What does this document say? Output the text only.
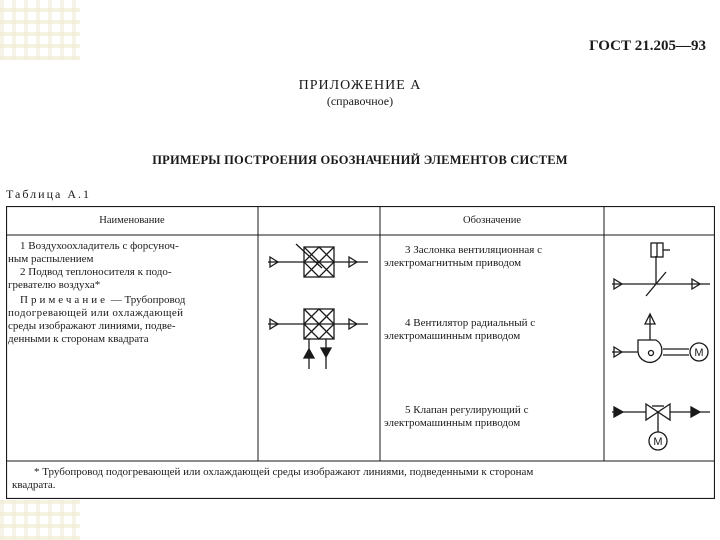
ГОСТ 21.205—93
ПРИЛОЖЕНИЕ А
(справочное)
ПРИМЕРЫ ПОСТРОЕНИЯ ОБОЗНАЧЕНИЙ ЭЛЕМЕНТОВ СИСТЕМ
Таблица А.1
Наименование	Обозначение
1 Воздухоохладитель с форсуноч-
ным распылением
2 Подвод теплоносителя к подо-
гревателю воздуха*
Примечание — Трубопровод
подогревающей или охлаждающей
среды изображают линиями, подве-
денными к сторонам квадрата
3 Заслонка вентиляционная с
электромагнитным приводом
4 Вентилятор радиальный с
электромашинным приводом
5 Клапан регулирующий с
электромашинным приводом
М
М
* Трубопровод подогревающей или охлаждающей среды изображают линиями, подведенными к сторонам
квадрата.
